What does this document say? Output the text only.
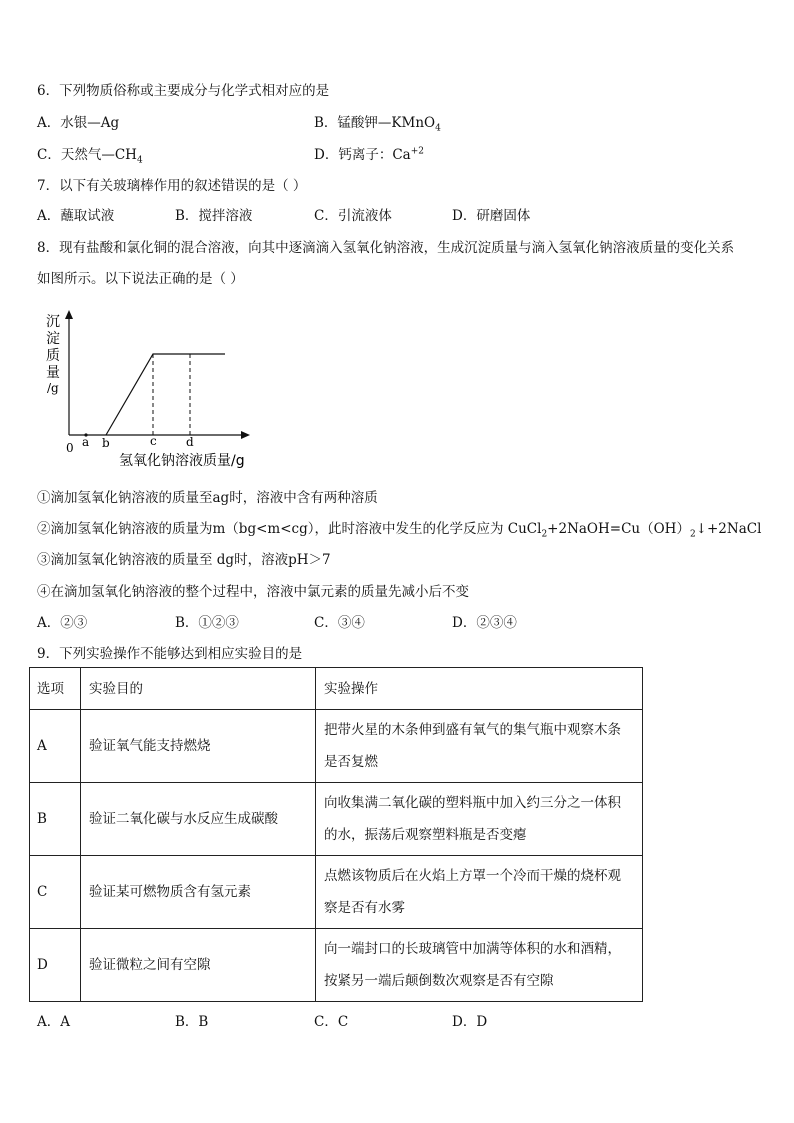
6．下列物质俗称或主要成分与化学式相对应的是
A．水银—Ag	B．锰酸钾—KMnO$_4$
C．天然气$—CH_4$	D．钙离子：$Ca^{+2}$
7．以下有关玻璃棒作用的叙述错误的是（ ）
A．蘸取试液	B．搅拌溶液	C．引流液体	D．研磨固体
8．现有盐酸和氯化铜的混合溶液，向其中逐滴滴入氢氧化钠溶液，生成沉淀质量与滴入氢氧化钠溶液质量的变化关系
如图所示。以下说法正确的是（ ）
沉
淀
质
量
/g
0 a b	c d
氢氧化钠溶液质量/g
①滴加氢氧化钠溶液的质量至ag时，溶液中含有两种溶质
②滴加氢氧化钠溶液的质量为m（bg<m<cg），此时溶液中发生的化学反应为 $CuCl_2+2NaOH=Cu(OH)_2↓+2NaCl$
③滴加氢氧化钠溶液的质量至 dg时，溶液pH＞7
④在滴加氢氧化钠溶液的整个过程中，溶液中氯元素的质量先减小后不变
A．②③	B．①②③	C．③④	D．②③④
9．下列实验操作不能够达到相应实验目的是
选项	实验目的	实验操作
A	验证氧气能支持燃烧	把带火星的木条伸到盛有氧气的集气瓶中观察木条
是否复燃
B	验证二氧化碳与水反应生成碳酸	向收集满二氧化碳的塑料瓶中加入约三分之一体积
的水，振荡后观察塑料瓶是否变瘪
C	验证某可燃物质含有氢元素	点燃该物质后在火焰上方罩一个冷而干燥的烧杯观
察是否有水雾
D	验证微粒之间有空隙	向一端封口的长玻璃管中加满等体积的水和酒精，
按紧另一端后颠倒数次观察是否有空隙
A．A	B．B	C．C	D．D
